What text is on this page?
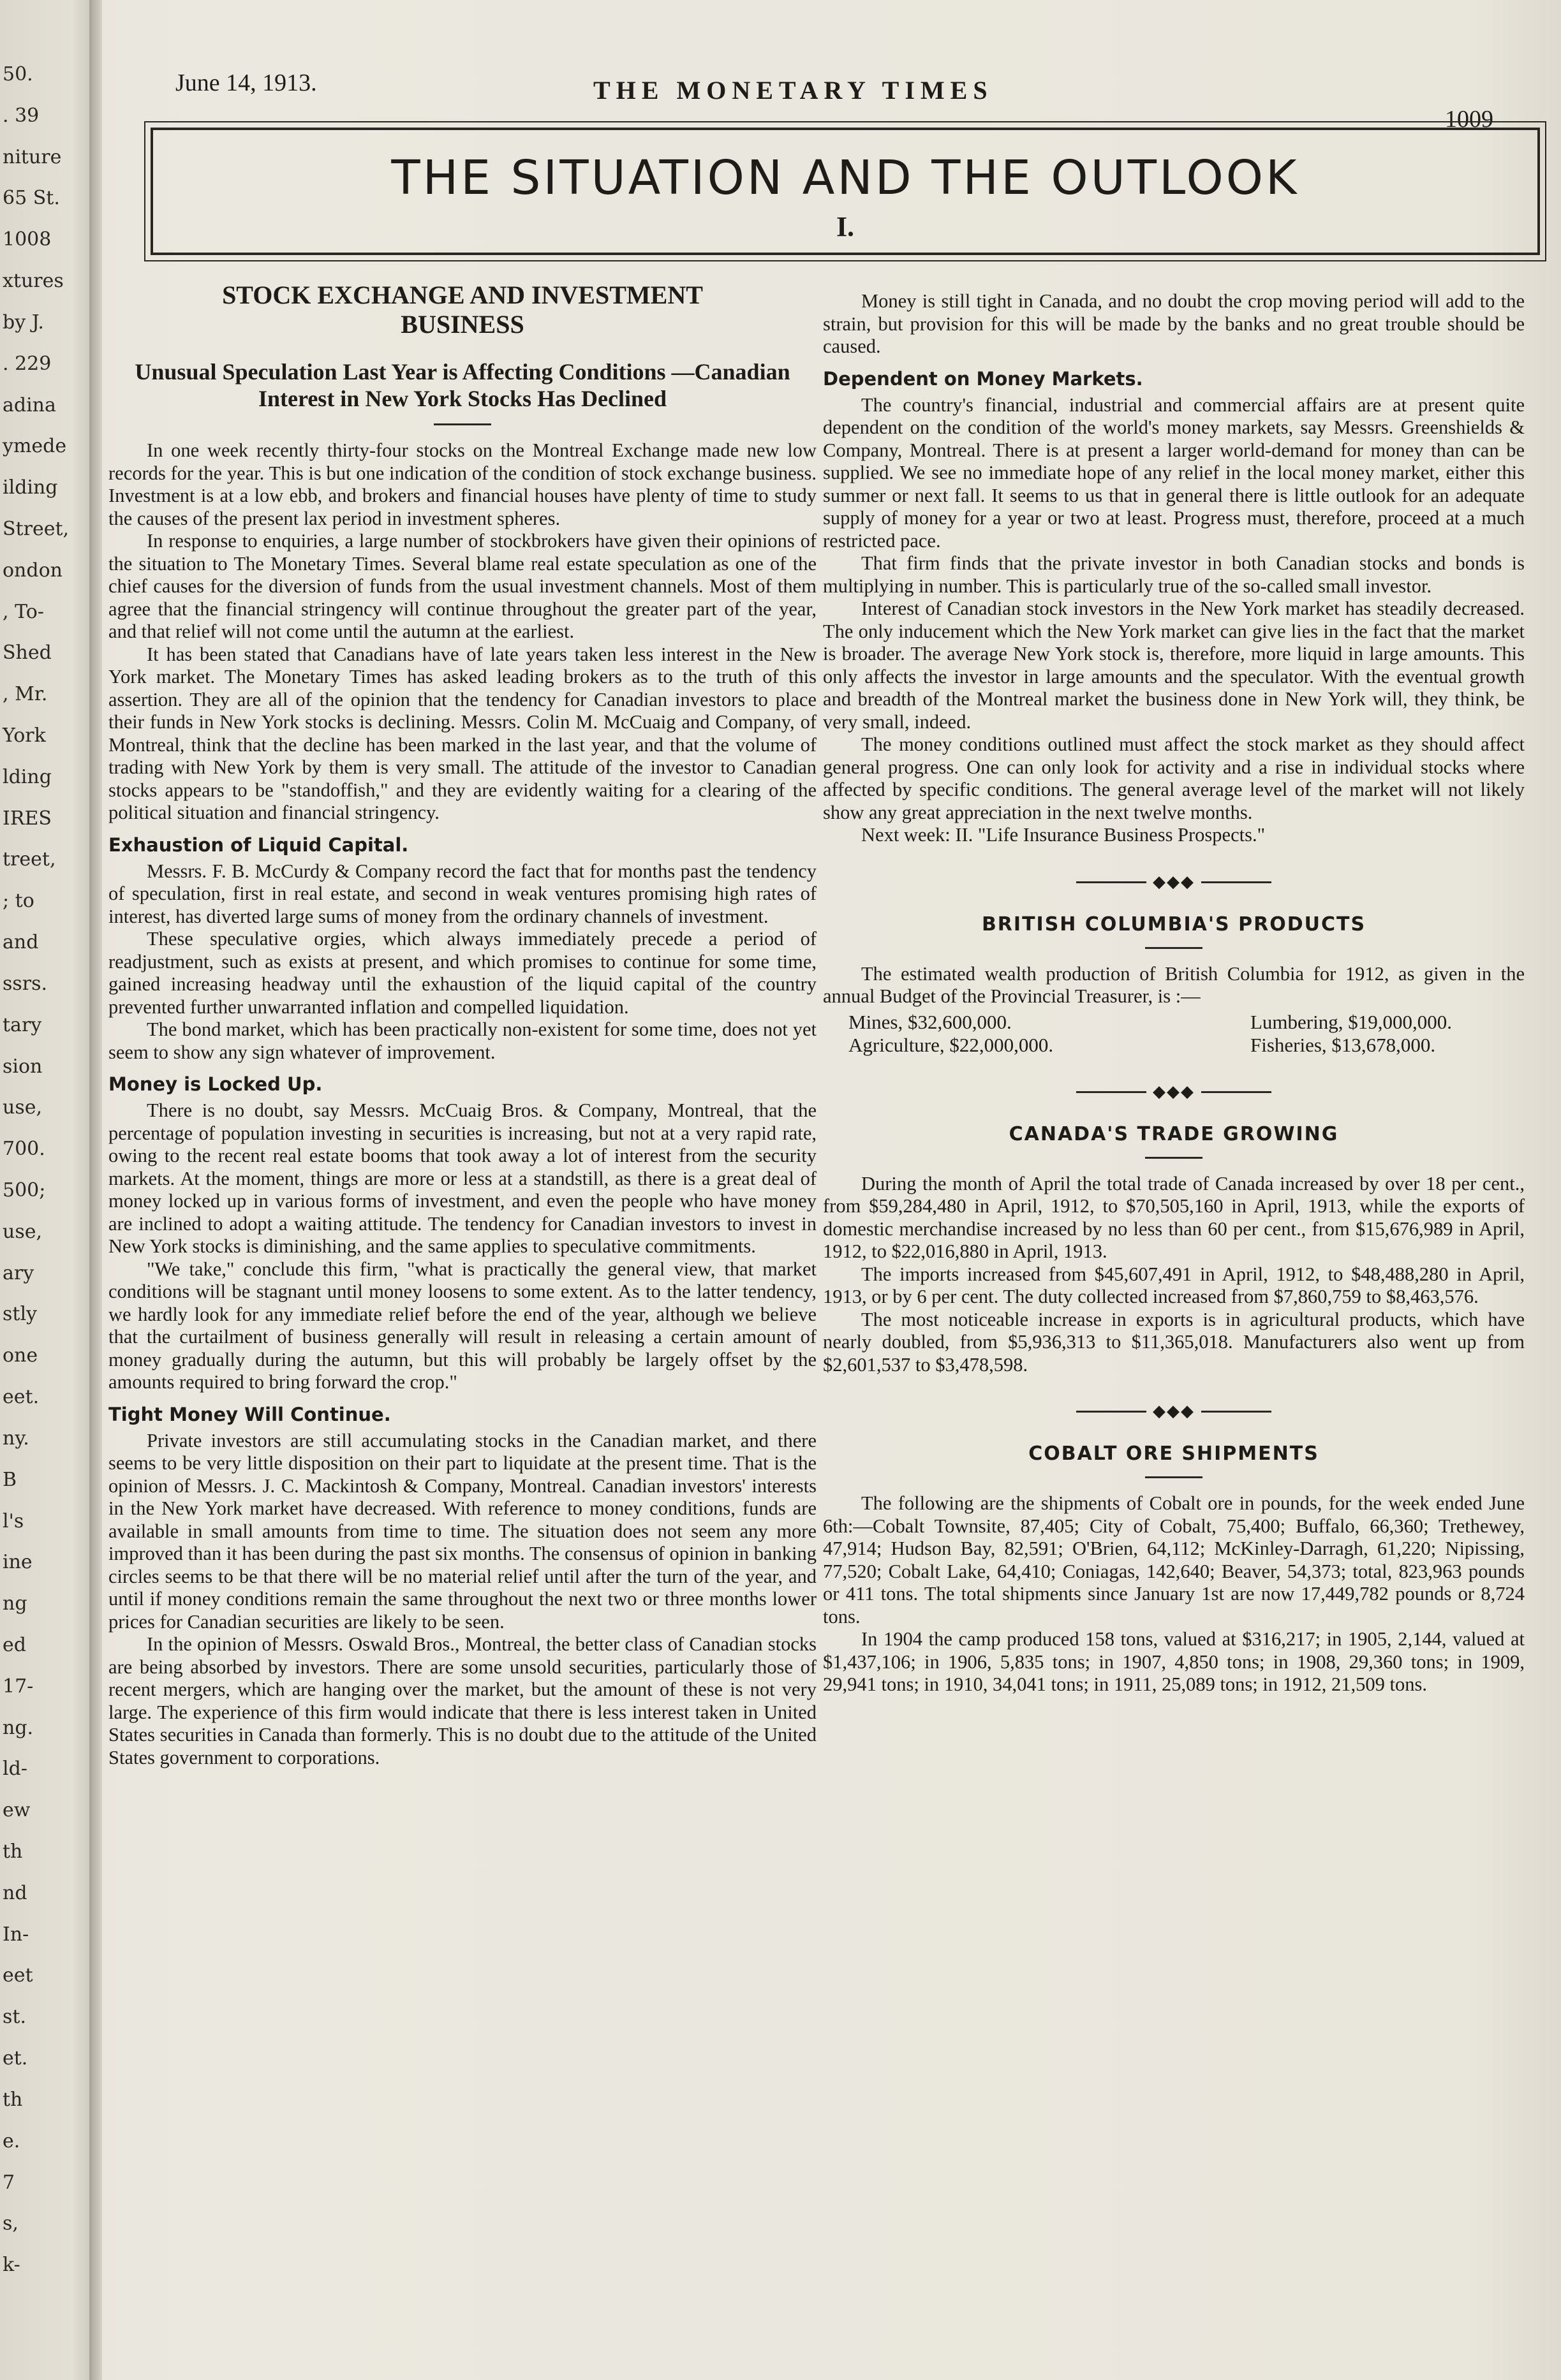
50.
. 39
niture
65 St.
1008
xtures
by J.
. 229
adina
ymede
ilding
Street,
ondon
, To-
Shed
, Mr.
York
lding
IRES
treet,
; to
and
ssrs.
tary
sion
use,
700.
500;
use,
ary
stly
one
eet.
ny.
B
l's
ine
ng
ed
17-
ng.
ld-
ew
th
nd
In-
eet
st.
et.
th
e.
7
s,
k-
June 14, 1913.	THE MONETARY TIMES
1009
THE SITUATION AND THE OUTLOOK
I.
STOCK EXCHANGE AND INVESTMENT BUSINESS
Unusual Speculation Last Year is Affecting Conditions —Canadian Interest in New York Stocks Has Declined

In one week recently thirty-four stocks on the Montreal Exchange made new low records for the year. This is but one indication of the condition of stock exchange business. Investment is at a low ebb, and brokers and financial houses have plenty of time to study the causes of the present lax period in investment spheres.

In response to enquiries, a large number of stockbrokers have given their opinions of the situation to The Monetary Times. Several blame real estate speculation as one of the chief causes for the diversion of funds from the usual investment channels. Most of them agree that the financial stringency will continue throughout the greater part of the year, and that relief will not come until the autumn at the earliest.

It has been stated that Canadians have of late years taken less interest in the New York market. The Monetary Times has asked leading brokers as to the truth of this assertion. They are all of the opinion that the tendency for Canadian investors to place their funds in New York stocks is declining. Messrs. Colin M. McCuaig and Company, of Montreal, think that the decline has been marked in the last year, and that the volume of trading with New York by them is very small. The attitude of the investor to Canadian stocks appears to be "standoffish," and they are evidently waiting for a clearing of the political situation and financial stringency.

Exhaustion of Liquid Capital.

Messrs. F. B. McCurdy & Company record the fact that for months past the tendency of speculation, first in real estate, and second in weak ventures promising high rates of interest, has diverted large sums of money from the ordinary channels of investment.

These speculative orgies, which always immediately precede a period of readjustment, such as exists at present, and which promises to continue for some time, gained increasing headway until the exhaustion of the liquid capital of the country prevented further unwarranted inflation and compelled liquidation.

The bond market, which has been practically non-existent for some time, does not yet seem to show any sign whatever of improvement.

Money is Locked Up.

There is no doubt, say Messrs. McCuaig Bros. & Company, Montreal, that the percentage of population investing in securities is increasing, but not at a very rapid rate, owing to the recent real estate booms that took away a lot of interest from the security markets. At the moment, things are more or less at a standstill, as there is a great deal of money locked up in various forms of investment, and even the people who have money are inclined to adopt a waiting attitude. The tendency for Canadian investors to invest in New York stocks is diminishing, and the same applies to speculative commitments.

"We take," conclude this firm, "what is practically the general view, that market conditions will be stagnant until money loosens to some extent. As to the latter tendency, we hardly look for any immediate relief before the end of the year, although we believe that the curtailment of business generally will result in releasing a certain amount of money gradually during the autumn, but this will probably be largely offset by the amounts required to bring forward the crop."

Tight Money Will Continue.

Private investors are still accumulating stocks in the Canadian market, and there seems to be very little disposition on their part to liquidate at the present time. That is the opinion of Messrs. J. C. Mackintosh & Company, Montreal. Canadian investors' interests in the New York market have decreased. With reference to money conditions, funds are available in small amounts from time to time. The situation does not seem any more improved than it has been during the past six months. The consensus of opinion in banking circles seems to be that there will be no material relief until after the turn of the year, and until if money conditions remain the same throughout the next two or three months lower prices for Canadian securities are likely to be seen.

In the opinion of Messrs. Oswald Bros., Montreal, the better class of Canadian stocks are being absorbed by investors. There are some unsold securities, particularly those of recent mergers, which are hanging over the market, but the amount of these is not very large. The experience of this firm would indicate that there is less interest taken in United States securities in Canada than formerly. This is no doubt due to the attitude of the United States government to corporations.

Money is still tight in Canada, and no doubt the crop moving period will add to the strain, but provision for this will be made by the banks and no great trouble should be caused.

Dependent on Money Markets.

The country's financial, industrial and commercial affairs are at present quite dependent on the condition of the world's money markets, say Messrs. Greenshields & Company, Montreal. There is at present a larger world-demand for money than can be supplied. We see no immediate hope of any relief in the local money market, either this summer or next fall. It seems to us that in general there is little outlook for an adequate supply of money for a year or two at least. Progress must, therefore, proceed at a much restricted pace.

That firm finds that the private investor in both Canadian stocks and bonds is multiplying in number. This is particularly true of the so-called small investor.

Interest of Canadian stock investors in the New York market has steadily decreased. The only inducement which the New York market can give lies in the fact that the market is broader. The average New York stock is, therefore, more liquid in large amounts. This only affects the investor in large amounts and the speculator. With the eventual growth and breadth of the Montreal market the business done in New York will, they think, be very small, indeed.

The money conditions outlined must affect the stock market as they should affect general progress. One can only look for activity and a rise in individual stocks where affected by specific conditions. The general average level of the market will not likely show any great appreciation in the next twelve months.

Next week: II. "Life Insurance Business Prospects."

◆◆◆
BRITISH COLUMBIA'S PRODUCTS

The estimated wealth production of British Columbia for 1912, as given in the annual Budget of the Provincial Treasurer, is :—

Mines, $32,600,000.	Lumbering, $19,000,000.
Agriculture, $22,000,000.	Fisheries, $13,678,000.
◆◆◆
CANADA'S TRADE GROWING

During the month of April the total trade of Canada increased by over 18 per cent., from $59,284,480 in April, 1912, to $70,505,160 in April, 1913, while the exports of domestic merchandise increased by no less than 60 per cent., from $15,676,989 in April, 1912, to $22,016,880 in April, 1913.

The imports increased from $45,607,491 in April, 1912, to $48,488,280 in April, 1913, or by 6 per cent. The duty collected increased from $7,860,759 to $8,463,576.

The most noticeable increase in exports is in agricultural products, which have nearly doubled, from $5,936,313 to $11,365,018. Manufacturers also went up from $2,601,537 to $3,478,598.

◆◆◆
COBALT ORE SHIPMENTS

The following are the shipments of Cobalt ore in pounds, for the week ended June 6th:—Cobalt Townsite, 87,405; City of Cobalt, 75,400; Buffalo, 66,360; Trethewey, 47,914; Hudson Bay, 82,591; O'Brien, 64,112; McKinley-Darragh, 61,220; Nipissing, 77,520; Cobalt Lake, 64,410; Coniagas, 142,640; Beaver, 54,373; total, 823,963 pounds or 411 tons. The total shipments since January 1st are now 17,449,782 pounds or 8,724 tons.

In 1904 the camp produced 158 tons, valued at $316,217; in 1905, 2,144, valued at $1,437,106; in 1906, 5,835 tons; in 1907, 4,850 tons; in 1908, 29,360 tons; in 1909, 29,941 tons; in 1910, 34,041 tons; in 1911, 25,089 tons; in 1912, 21,509 tons.
